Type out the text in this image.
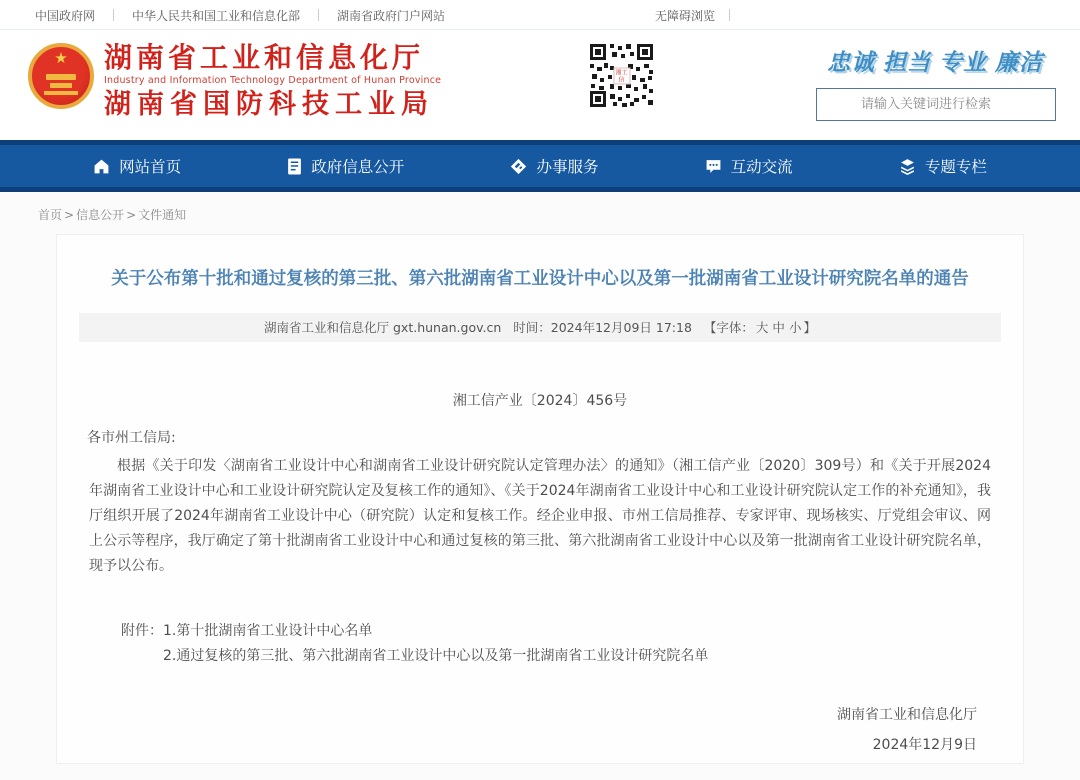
中国政府网	中华人民共和国工业和信息化部	湖南省政府门户网站	无障碍浏览
★ 湖南省工业和信息化厅
Industry and Information Technology Department of Hunan Province
湖南省国防科技工业局
湘工信
忠诚 担当 专业 廉洁
请输入关键词进行检索
网站首页	政府信息公开	办事服务	互动交流	专题专栏
首页 > 信息公开 > 文件通知
关于公布第十批和通过复核的第三批、第六批湖南省工业设计中心以及第一批湖南省工业设计研究院名单的通告
湖南省工业和信息化厅 gxt.hunan.gov.cn 时间：2024年12月09日 17:18 【字体： 大 中 小 】
湘工信产业〔2024〕456号
各市州工信局:
根据《关于印发〈湖南省工业设计中心和湖南省工业设计研究院认定管理办法〉的通知》（湘工信产业〔2020〕309号）和《关于开展2024年湖南省工业设计中心和工业设计研究院认定及复核工作的通知》、《关于2024年湖南省工业设计中心和工业设计研究院认定工作的补充通知》，我厅组织开展了2024年湖南省工业设计中心（研究院）认定和复核工作。经企业申报、市州工信局推荐、专家评审、现场核实、厅党组会审议、网上公示等程序，我厅确定了第十批湖南省工业设计中心和通过复核的第三批、第六批湖南省工业设计中心以及第一批湖南省工业设计研究院名单，现予以公布。
附件：1.第十批湖南省工业设计中心名单
2.通过复核的第三批、第六批湖南省工业设计中心以及第一批湖南省工业设计研究院名单
湖南省工业和信息化厅
2024年12月9日
